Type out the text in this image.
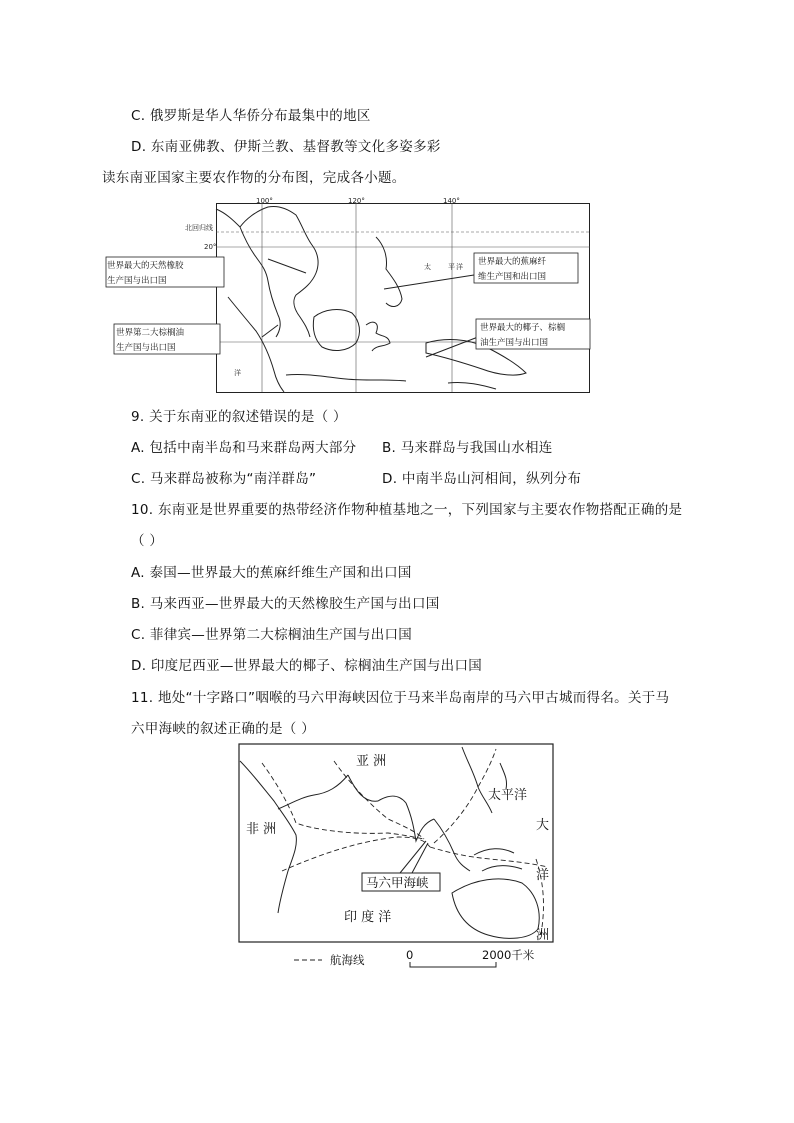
C. 俄罗斯是华人华侨分布最集中的地区
D. 东南亚佛教、伊斯兰教、基督教等文化多姿多彩
读东南亚国家主要农作物的分布图，完成各小题。
9. 关于东南亚的叙述错误的是（ ）
A. 包括中南半岛和马来群岛两大部分 B. 马来群岛与我国山水相连
C. 马来群岛被称为“南洋群岛”	D. 中南半岛山河相间，纵列分布
10. 东南亚是世界重要的热带经济作物种植基地之一，下列国家与主要农作物搭配正确的是
（ ）
A. 泰国—世界最大的蕉麻纤维生产国和出口国
B. 马来西亚—世界最大的天然橡胶生产国与出口国
C. 菲律宾—世界第二大棕榈油生产国与出口国
D. 印度尼西亚—世界最大的椰子、棕榈油生产国与出口国
11. 地处“十字路口”咽喉的马六甲海峡因位于马来半岛南岸的马六甲古城而得名。关于马
六甲海峡的叙述正确的是（ ）
100°	120°	140°
北回归线
20°
太 平 洋
洋
世界最大的天然橡胶
生产国与出口国
世界第二大棕榈油
生产国与出口国
世界最大的蕉麻纤
维生产国和出口国
世界最大的椰子、棕榈
油生产国与出口国
亚 洲
非 洲
太平洋
大
洋
洲
印 度 洋
马六甲海峡
航海线	0	2000千米
